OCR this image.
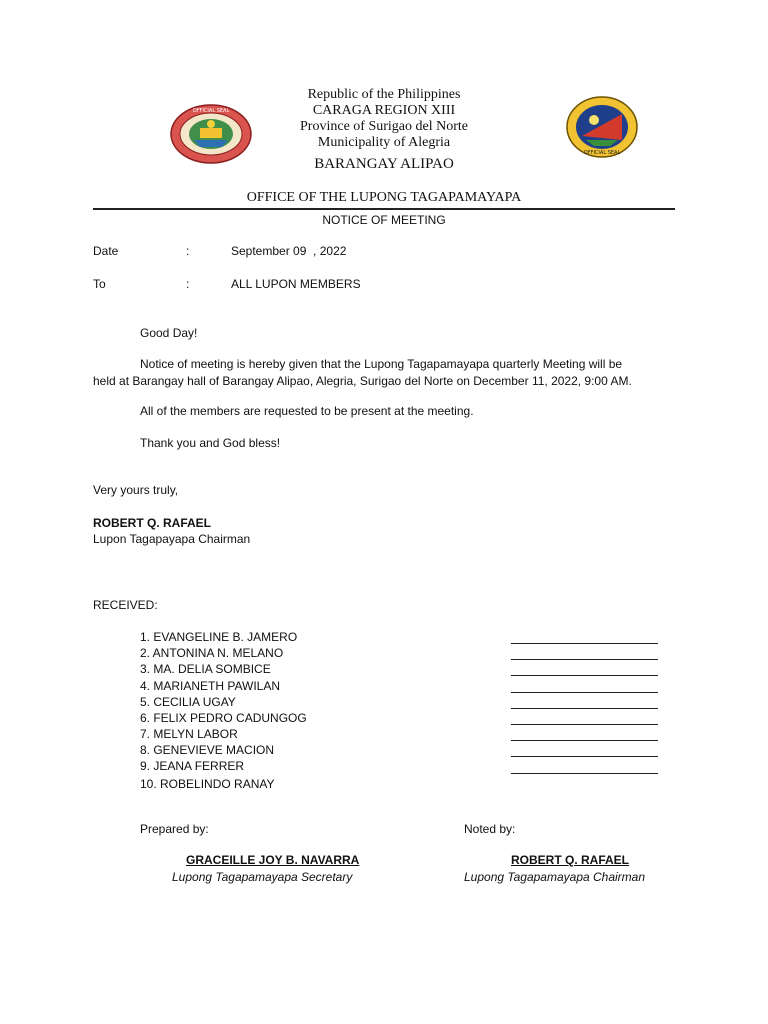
OFFICIAL SEAL
OFFICIAL SEAL
Republic of the Philippines
CARAGA REGION XIII
Province of Surigao del Norte
Municipality of Alegria
BARANGAY ALIPAO
OFFICE OF THE LUPONG TAGAPAMAYAPA
NOTICE OF MEETING
Date	:	September 09  , 2022
To	:	ALL LUPON MEMBERS
Good Day!
Notice of meeting is hereby given that the Lupong Tagapamayapa quarterly Meeting will be
held at Barangay hall of Barangay Alipao, Alegria, Surigao del Norte on December 11, 2022, 9:00 AM.
All of the members are requested to be present at the meeting.
Thank you and God bless!
Very yours truly,
ROBERT Q. RAFAEL
Lupon Tagapayapa Chairman
RECEIVED:
1. EVANGELINE B. JAMERO
2. ANTONINA N. MELANO
3. MA. DELIA SOMBICE
4. MARIANETH PAWILAN
5. CECILIA UGAY
6. FELIX PEDRO CADUNGOG
7. MELYN LABOR
8. GENEVIEVE MACION
9. JEANA FERRER
10. ROBELINDO RANAY
Prepared by:
GRACEILLE JOY B. NAVARRA
Lupong Tagapamayapa Secretary
Noted by:
ROBERT Q. RAFAEL
Lupong Tagapamayapa Chairman
